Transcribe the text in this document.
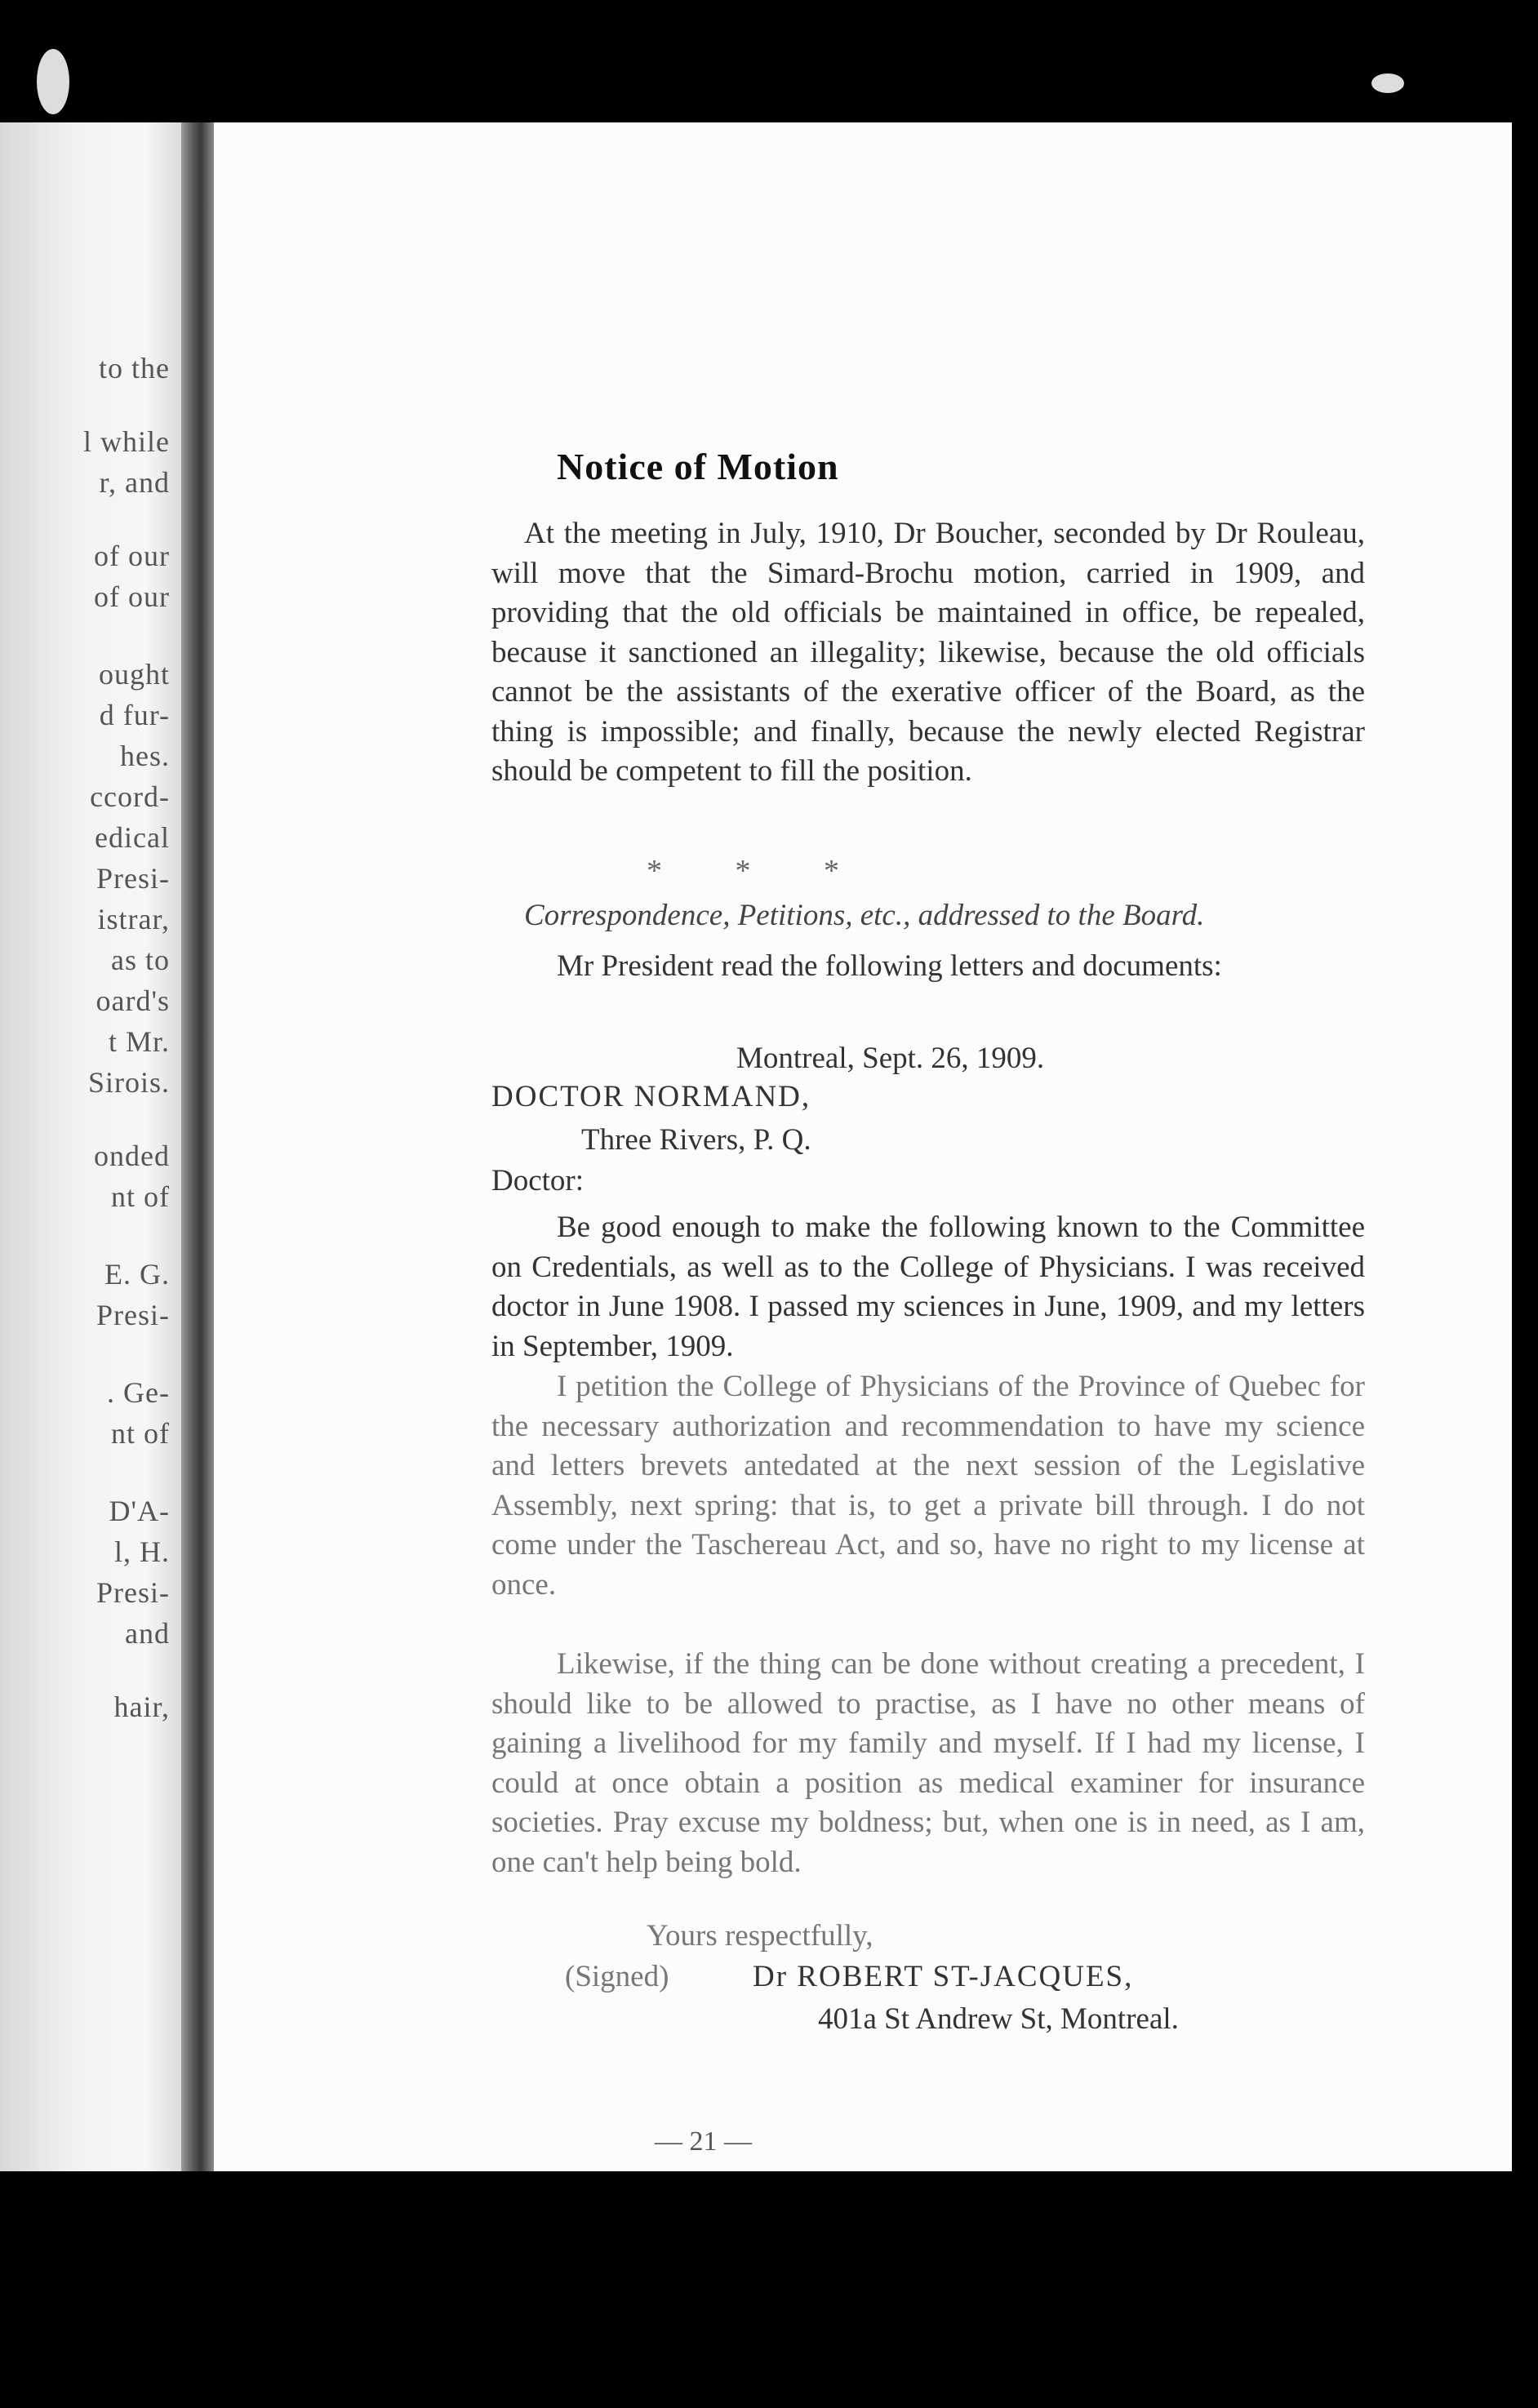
to the
l while
r, and
of our
of our
ought
d fur-
hes.
ccord-
edical
Presi-
istrar,
as to
oard's
t Mr.
Sirois.
onded
nt of
E. G.
Presi-
. Ge-
nt of
D'A-
l, H.
Presi-
and
hair,
Notice of Motion
At the meeting in July, 1910, Dr Boucher, seconded by Dr Rouleau, will move that the Simard-Brochu motion, carried in 1909, and providing that the old officials be maintained in office, be repealed, because it sanctioned an illegality; likewise, because the old officials cannot be the assistants of the exerative officer of the Board, as the thing is impossible; and finally, because the newly elected Registrar should be competent to fill the position.
* * *
Correspondence, Petitions, etc., addressed to the Board.
Mr President read the following letters and documents:
Montreal, Sept. 26, 1909.
DOCTOR NORMAND,
Three Rivers, P. Q.
Doctor:
Be good enough to make the following known to the Committee on Credentials, as well as to the College of Physicians. I was received doctor in June 1908. I passed my sciences in June, 1909, and my letters in September, 1909.
I petition the College of Physicians of the Province of Quebec for the necessary authorization and recommendation to have my science and letters brevets antedated at the next session of the Legislative Assembly, next spring: that is, to get a private bill through. I do not come under the Taschereau Act, and so, have no right to my license at once.
Likewise, if the thing can be done without creating a precedent, I should like to be allowed to practise, as I have no other means of gaining a livelihood for my family and myself. If I had my license, I could at once obtain a position as medical examiner for insurance societies. Pray excuse my boldness; but, when one is in need, as I am, one can't help being bold.
Yours respectfully,
(Signed)	Dr ROBERT ST-JACQUES,
401a St Andrew St, Montreal.
— 21 —
